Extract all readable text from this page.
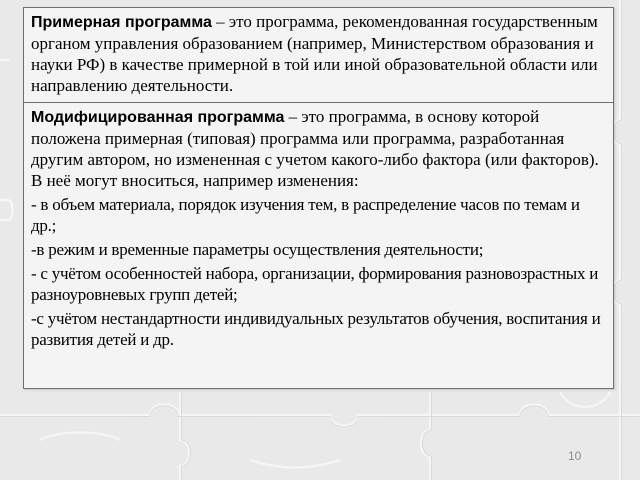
Примерная программа – это программа, рекомендованная государственным органом управления образованием (например, Министерством образования и науки РФ) в качестве примерной в той или иной образовательной области или направлению деятельности.

Модифицированная программа – это программа, в основу которой положена примерная (типовая) программа или программа, разработанная другим автором, но измененная с учетом какого-либо фактора (или факторов). В неё могут вноситься, например изменения:

- в объем материала, порядок изучения тем, в распределение часов по темам и др.;

-в режим и временные параметры осуществления деятельности;

- с учётом особенностей набора, организации, формирования разновозрастных и разноуровневых групп детей;

-с учётом нестандартности индивидуальных результатов обучения, воспитания и развития детей и др.

10
